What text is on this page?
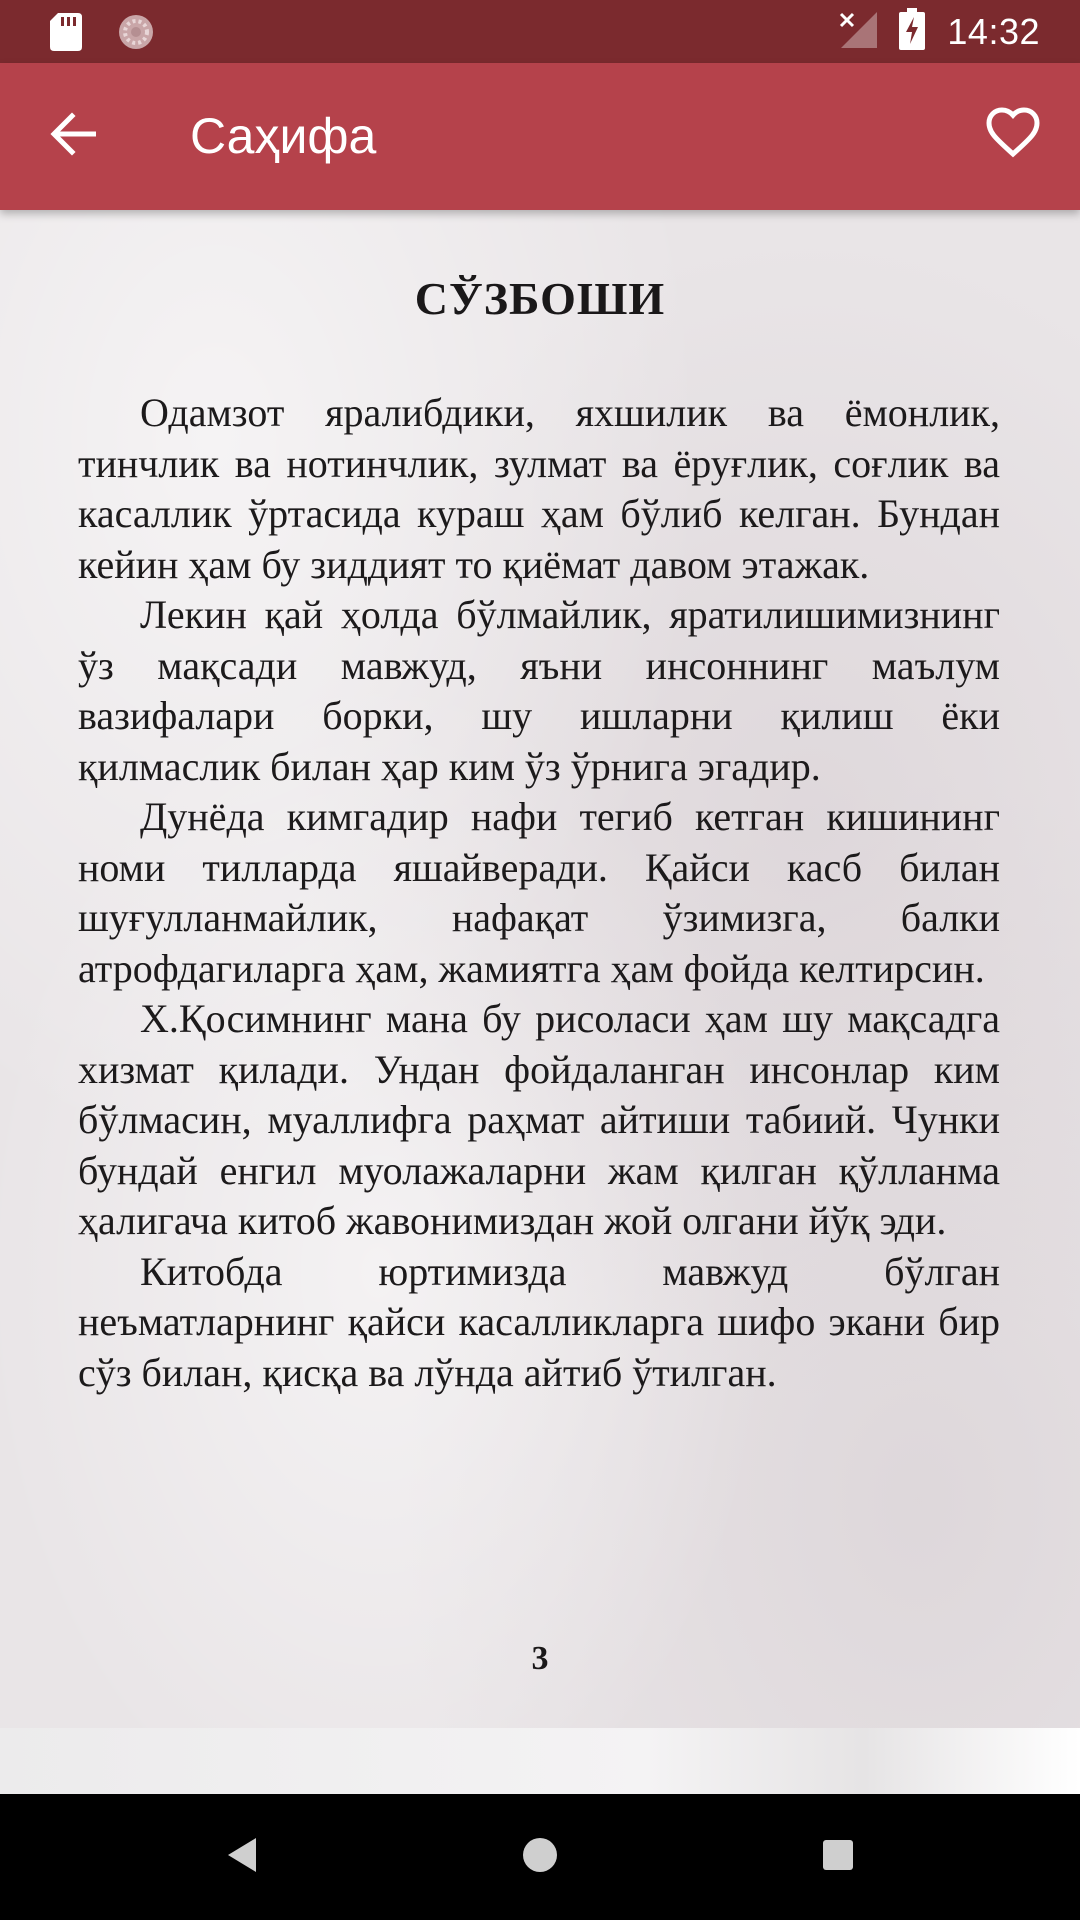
14:32
Саҳифа
СЎЗБОШИ

Одамзот яралибдики, яхшилик ва ёмонлик, тинчлик ва нотинчлик, зулмат ва ёруғлик, соғлик ва касаллик ўртасида кураш ҳам бўлиб келган. Бундан кейин ҳам бу зиддият то қиёмат давом этажак.

Лекин қай ҳолда бўлмайлик, яратилишимизнинг ўз мақсади мавжуд, яъни инсоннинг маълум вазифалари борки, шу ишларни қилиш ёки қилмаслик билан ҳар ким ўз ўрнига эгадир.

Дунёда кимгадир нафи тегиб кетган кишининг номи тилларда яшайверади. Қайси касб билан шуғулланмайлик, нафақат ўзимизга, балки атрофдагиларга ҳам, жамиятга ҳам фойда келтирсин.

Х.Қосимнинг мана бу рисоласи ҳам шу мақсадга хизмат қилади. Ундан фойдаланган инсонлар ким бўлмасин, муаллифга раҳмат айтиши табиий. Чунки бундай енгил муолажаларни жам қилган қўлланма ҳалигача китоб жавонимиздан жой олгани йўқ эди.

Китобда юртимизда мавжуд бўлган неъматларнинг қайси касалликларга шифо экани бир сўз билан, қисқа ва лўнда айтиб ўтилган.

3
